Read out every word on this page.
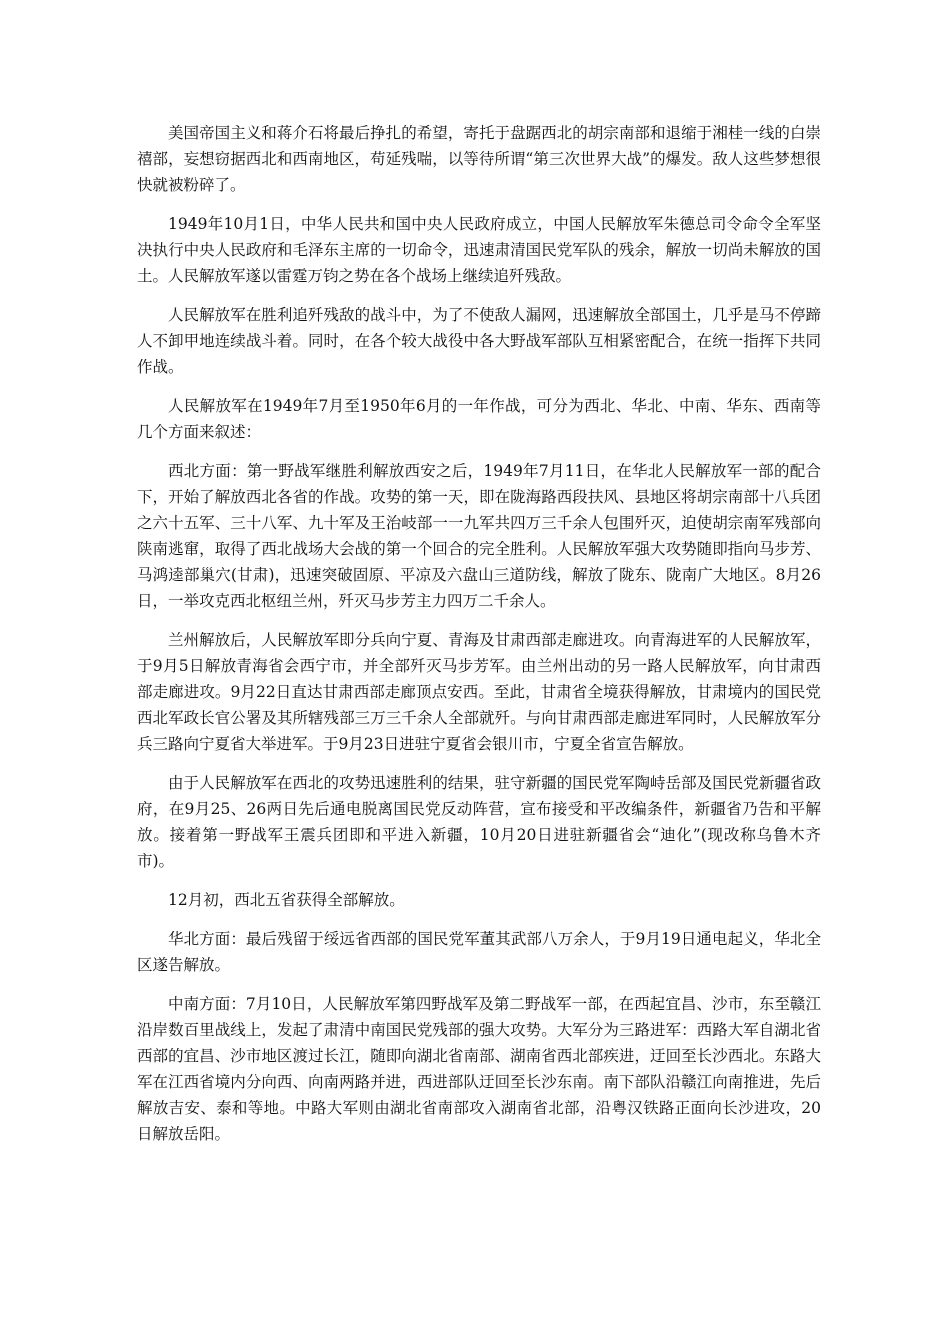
美国帝国主义和蒋介石将最后挣扎的希望，寄托于盘踞西北的胡宗南部和退缩于湘桂一线的白崇禧部，妄想窃据西北和西南地区，苟延残喘，以等待所谓“第三次世界大战”的爆发。敌人这些梦想很快就被粉碎了。

1949年10月1日，中华人民共和国中央人民政府成立，中国人民解放军朱德总司令命令全军坚决执行中央人民政府和毛泽东主席的一切命令，迅速肃清国民党军队的残余，解放一切尚未解放的国土。人民解放军遂以雷霆万钧之势在各个战场上继续追歼残敌。

人民解放军在胜利追歼残敌的战斗中，为了不使敌人漏网，迅速解放全部国土，几乎是马不停蹄人不卸甲地连续战斗着。同时，在各个较大战役中各大野战军部队互相紧密配合，在统一指挥下共同作战。

人民解放军在1949年7月至1950年6月的一年作战，可分为西北、华北、中南、华东、西南等几个方面来叙述：

西北方面：第一野战军继胜利解放西安之后，1949年7月11日，在华北人民解放军一部的配合下，开始了解放西北各省的作战。攻势的第一天，即在陇海路西段扶风、县地区将胡宗南部十八兵团之六十五军、三十八军、九十军及王治岐部一一九军共四万三千余人包围歼灭，迫使胡宗南军残部向陕南逃窜，取得了西北战场大会战的第一个回合的完全胜利。人民解放军强大攻势随即指向马步芳、马鸿逵部巢穴(甘肃)，迅速突破固原、平凉及六盘山三道防线，解放了陇东、陇南广大地区。8月26日，一举攻克西北枢纽兰州，歼灭马步芳主力四万二千余人。

兰州解放后，人民解放军即分兵向宁夏、青海及甘肃西部走廊进攻。向青海进军的人民解放军，于9月5日解放青海省会西宁市，并全部歼灭马步芳军。由兰州出动的另一路人民解放军，向甘肃西部走廊进攻。9月22日直达甘肃西部走廊顶点安西。至此，甘肃省全境获得解放，甘肃境内的国民党西北军政长官公署及其所辖残部三万三千余人全部就歼。与向甘肃西部走廊进军同时，人民解放军分兵三路向宁夏省大举进军。于9月23日进驻宁夏省会银川市，宁夏全省宣告解放。

由于人民解放军在西北的攻势迅速胜利的结果，驻守新疆的国民党军陶峙岳部及国民党新疆省政府，在9月25、26两日先后通电脱离国民党反动阵营，宣布接受和平改编条件，新疆省乃告和平解放。接着第一野战军王震兵团即和平进入新疆，10月20日进驻新疆省会“迪化”(现改称乌鲁木齐市)。

12月初，西北五省获得全部解放。

华北方面：最后残留于绥远省西部的国民党军董其武部八万余人，于9月19日通电起义，华北全区遂告解放。

中南方面：7月10日，人民解放军第四野战军及第二野战军一部，在西起宜昌、沙市，东至赣江沿岸数百里战线上，发起了肃清中南国民党残部的强大攻势。大军分为三路进军：西路大军自湖北省西部的宜昌、沙市地区渡过长江，随即向湖北省南部、湖南省西北部疾进，迂回至长沙西北。东路大军在江西省境内分向西、向南两路并进，西进部队迂回至长沙东南。南下部队沿赣江向南推进，先后解放吉安、泰和等地。中路大军则由湖北省南部攻入湖南省北部，沿粤汉铁路正面向长沙进攻，20日解放岳阳。
